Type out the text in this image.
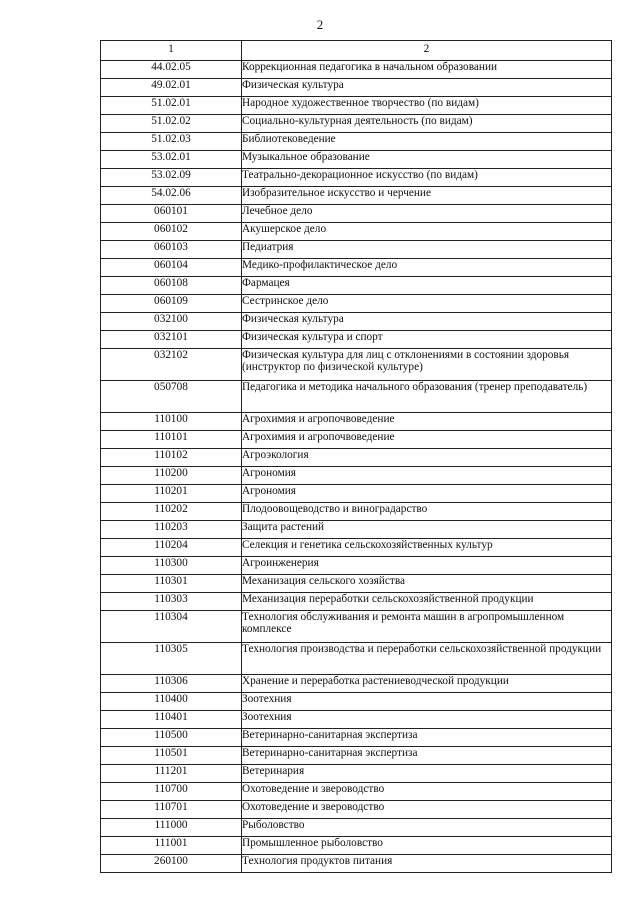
2
1	2
44.02.05	Коррекционная педагогика в начальном образовании
49.02.01	Физическая культура
51.02.01	Народное художественное творчество (по видам)
51.02.02	Социально-культурная деятельность (по видам)
51.02.03	Библиотековедение
53.02.01	Музыкальное образование
53.02.09	Театрально-декорационное искусство (по видам)
54.02.06	Изобразительное искусство и черчение
060101	Лечебное дело
060102	Акушерское дело
060103	Педиатрия
060104	Медико-профилактическое дело
060108	Фармацея
060109	Сестринское дело
032100	Физическая культура
032101	Физическая культура и спорт
032102	Физическая культура для лиц с отклонениями в состоянии здоровья (инструктор по физической культуре)
050708	Педагогика и методика начального образования (тренер преподаватель)
110100	Агрохимия и агропочвоведение
110101	Агрохимия и агропочвоведение
110102	Агроэкология
110200	Агрономия
110201	Агрономия
110202	Плодоовощеводство и виноградарство
110203	Защита растений
110204	Селекция и генетика сельскохозяйственных культур
110300	Агроинженерия
110301	Механизация сельского хозяйства
110303	Механизация переработки сельскохозяйственной продукции
110304	Технология обслуживания и ремонта машин в агропромышленном комплексе
110305	Технология производства и переработки сельскохозяйственной продукции
110306	Хранение и переработка растениеводческой продукции
110400	Зоотехния
110401	Зоотехния
110500	Ветеринарно-санитарная экспертиза
110501	Ветеринарно-санитарная экспертиза
111201	Ветеринария
110700	Охотоведение и звероводство
110701	Охотоведение и звероводство
111000	Рыболовство
111001	Промышленное рыболовство
260100	Технология продуктов питания
